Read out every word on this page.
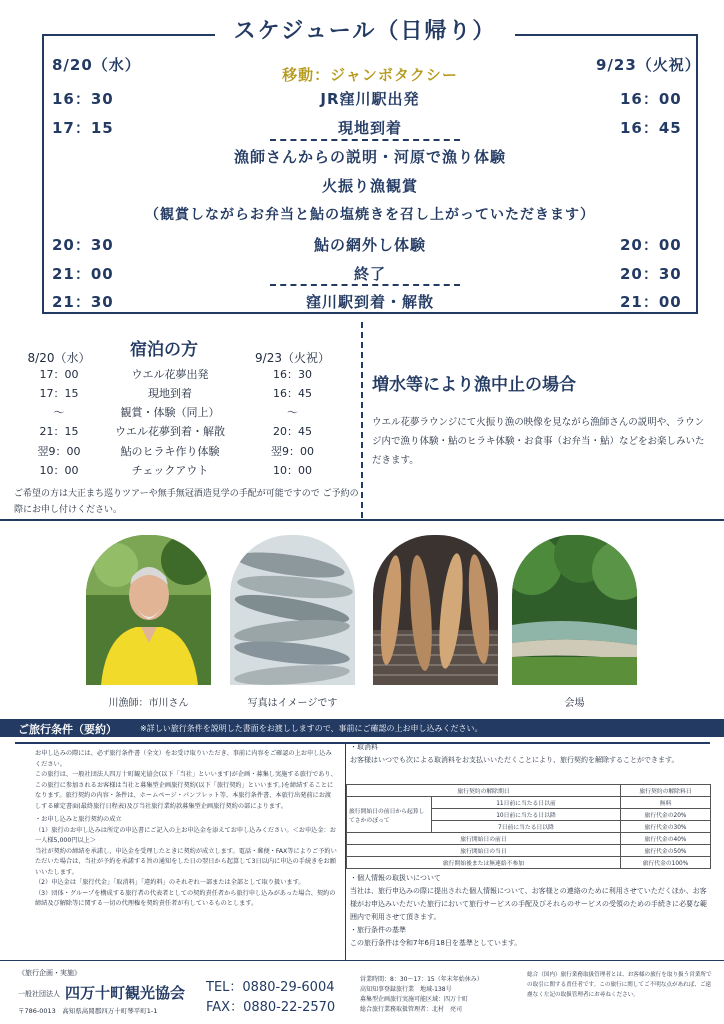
スケジュール（日帰り）
8/20（水）	9/23（火祝）
移動：ジャンボタクシー
16：30	JR窪川駅出発	16：00
17：15	現地到着	16：45
漁師さんからの説明・河原で漁り体験
火振り漁観賞
（観賞しながらお弁当と鮎の塩焼きを召し上がっていただきます）
20：30	鮎の網外し体験	20：00
21：00	終了	20：30
21：30	窪川駅到着・解散	21：00
宿泊の方
8/20（水）	9/23（火祝）
17：00	ウエル花夢出発	16：30
17：15	現地到着	16：45
〜	観賞・体験（同上）	〜
21：15	ウエル花夢到着・解散	20：45
翌9：00	鮎のヒラキ作り体験	翌9：00
10：00	チェックアウト	10：00
ご希望の方は大正まち巡りツアーや無手無冠酒造見学の手配が可能ですので ご予約の際にお申し付けください。
増水等により漁中止の場合
ウエル花夢ラウンジにて火振り漁の映像を見ながら漁師さんの説明や、ラウンジ内で漁り体験・鮎のヒラキ体験・お食事（お弁当・鮎）などをお楽しみいただきます。
川漁師：市川さん	写真はイメージです	会場
ご旅行条件（要約）	※詳しい旅行条件を説明した書面をお渡ししますので、事前にご確認の上お申し込みください。
お申し込みの際には、必ず旅行条件書（全文）をお受け取りいただき、事前に内容をご確認の上お申し込みください。
この旅行は、一般社団法人四万十町観光協会(以下「当社」といいます)が企画・募集し実施する旅行であり、この旅行に参加されるお客様は当社と募集型企画旅行契約(以下「旅行契約」といいます。)を締結することになります。旅行契約の内容・条件は、ホームページ・パンフレット等、本旅行条件書、本旅行出発前にお渡しする確定書面(最終旅行日程表)及び当社旅行業約款募集型企画旅行契約の部によります。
・お申し込みと旅行契約の成立
（1）旅行のお申し込みは所定の申込書にご記入の上お申込金を添えてお申し込みください。＜お申込金：お一人様5,000円以上＞
当社が契約の締結を承諾し、申込金を受理したときに契約が成立します。電話・郵便・FAX等によりご予約いただいた場合は、当社が予約を承諾する旨の通知をした日の翌日から起算して3日以内に申込の手続きをお願いいたします。
（2）申込金は「旅行代金」「取消料」「違約料」のそれぞれ一部または全部として取り扱います。
（3）団体・グループを構成する旅行者の代表者としての契約責任者から旅行申し込みがあった場合、契約の締結及び解除等に関する一切の代理権を契約責任者が有しているものとします。
・取消料
お客様はいつでも次による取消料をお支払いいただくことにより、旅行契約を解除することができます。
旅行契約の解除期日		旅行契約の解除料日
旅行開始日の前日から起算してさかのぼって	11日前に当たる日以前	無料
	10日前に当たる日以降	旅行代金の20%
	7日前に当たる日以降	旅行代金の30%
旅行開始日の前日		旅行代金の40%
旅行開始日の当日		旅行代金の50%
旅行開始後または無連絡不参加		旅行代金の100%
・個人情報の取扱いについて
当社は、旅行申込みの際に提出された個人情報について、お客様との連絡のために利用させていただくほか、お客様がお申込みいただいた旅行において旅行サービスの手配及びそれらのサービスの受領のための手続きに必要な範囲内で利用させて頂きます。
・旅行条件の基準
この旅行条件は令和7年6月18日を基準としています。
《旅行企画・実施》
一般社団法人 四万十町観光協会
〒786-0013　高知県高岡郡四万十町琴平町1-1
TEL：0880-29-6004
FAX：0880-22-2570
営業時間：8：30〜17：15（年末年始休み）
高知知事登録旅行業　地域-138号
募集型企画旅行実施可能区域：四万十町
総合旅行業務取扱管理者：北村　亮司
総合（国内）旅行業務取扱管理者とは、お客様の旅行を取り扱う営業所での取引に関する責任者です。この旅行に関してご不明な点があれば、ご遠慮なく左記の取扱管理者にお尋ねください。
